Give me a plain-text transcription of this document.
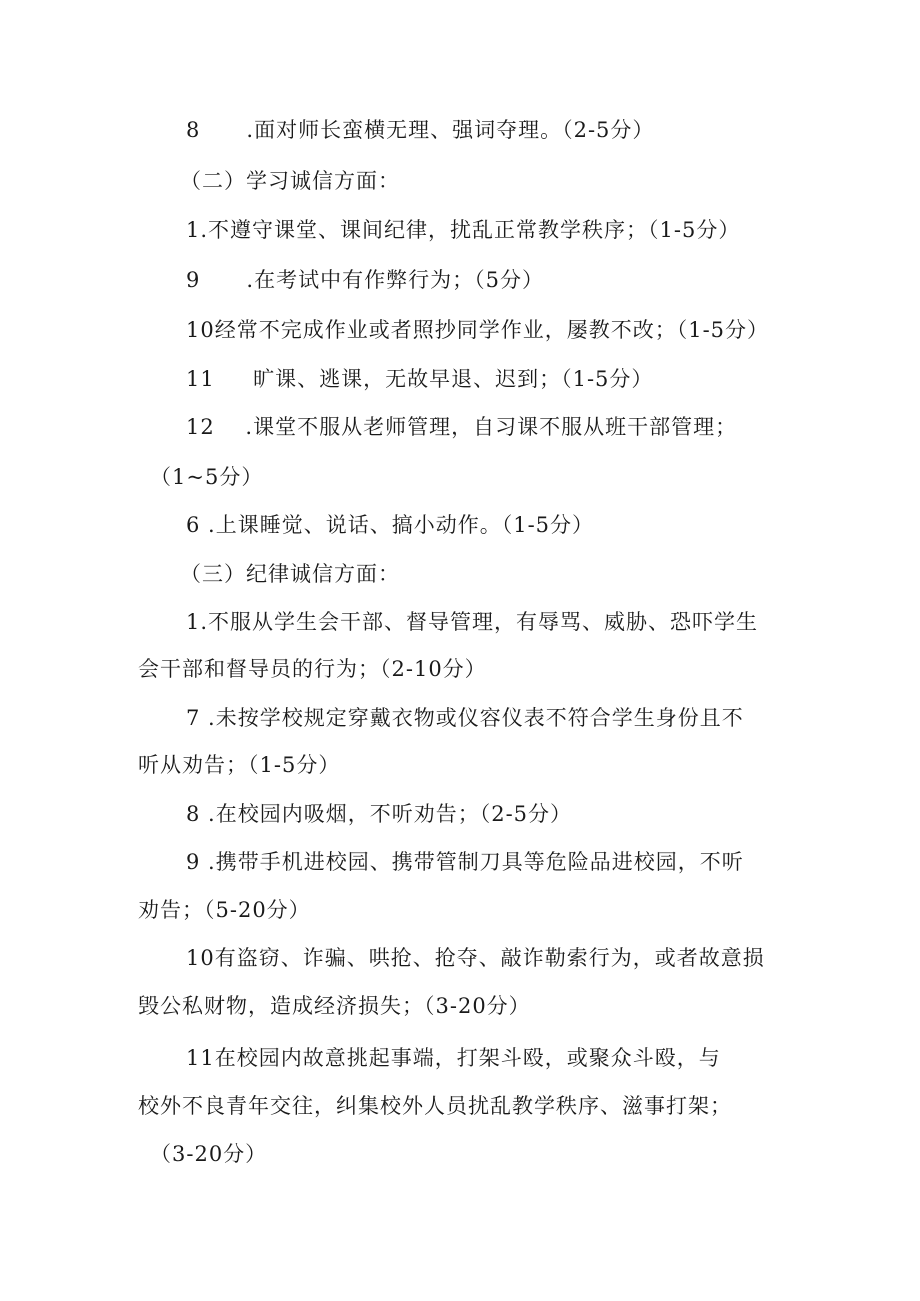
8      .面对师长蛮横无理、强词夺理。（2-5分）
（二）学习诚信方面：
1.不遵守课堂、课间纪律，扰乱正常教学秩序；（1-5分）
9      .在考试中有作弊行为；（5分）
10经常不完成作业或者照抄同学作业，屡教不改；（1-5分）
11     旷课、逃课，无故早退、迟到；（1-5分）
12    .课堂不服从老师管理，自习课不服从班干部管理；
（1~5分）
6 .上课睡觉、说话、搞小动作。（1-5分）
（三）纪律诚信方面：
1.不服从学生会干部、督导管理，有辱骂、威胁、恐吓学生
会干部和督导员的行为；（2-10分）
7 .未按学校规定穿戴衣物或仪容仪表不符合学生身份且不
听从劝告；（1-5分）
8 .在校园内吸烟，不听劝告；（2-5分）
9 .携带手机进校园、携带管制刀具等危险品进校园，不听
劝告；（5-20分）
10有盗窃、诈骗、哄抢、抢夺、敲诈勒索行为，或者故意损
毁公私财物，造成经济损失；（3-20分）
11在校园内故意挑起事端，打架斗殴，或聚众斗殴，与
校外不良青年交往，纠集校外人员扰乱教学秩序、滋事打架；
（3-20分）
